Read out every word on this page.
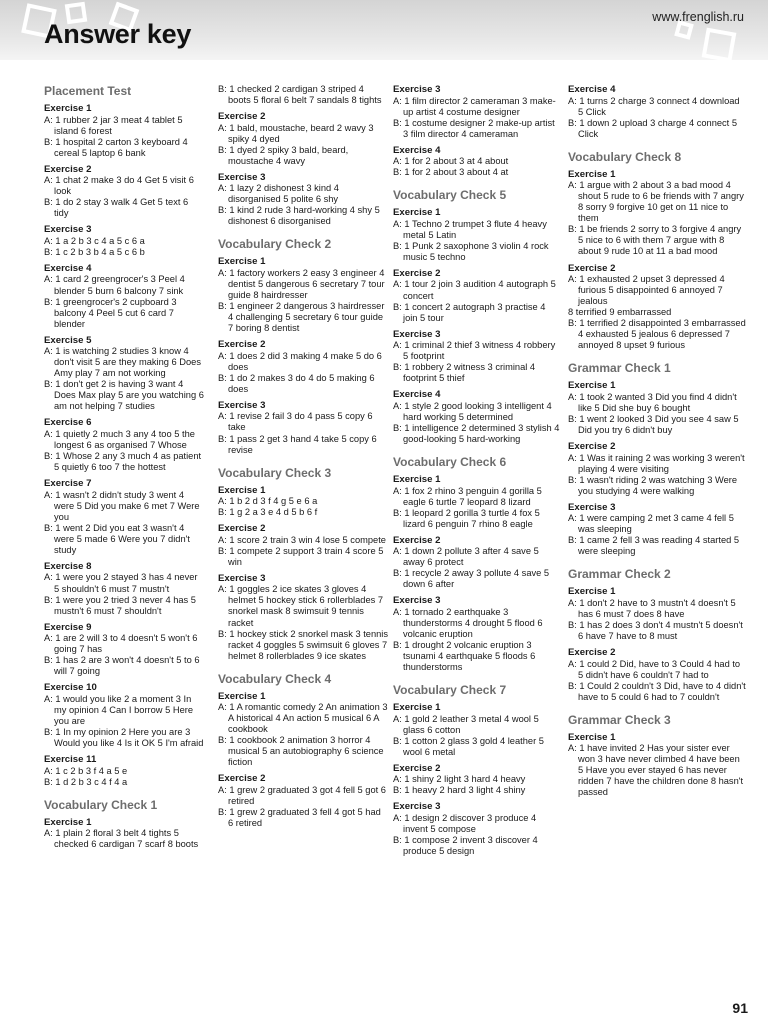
Answer key
www.frenglish.ru
Placement Test
Exercise 1
A: 1 rubber 2 jar 3 meat 4 tablet 5 island 6 forest
B: 1 hospital 2 carton 3 keyboard 4 cereal 5 laptop 6 bank
Exercise 2
A: 1 chat 2 make 3 do 4 Get 5 visit 6 look
B: 1 do 2 stay 3 walk 4 Get 5 text 6 tidy
Exercise 3
A: 1 a 2 b 3 c 4 a 5 c 6 a
B: 1 c 2 b 3 b 4 a 5 c 6 b
Exercise 4
A: 1 card 2 greengrocer's 3 Peel 4 blender 5 burn 6 balcony 7 sink
B: 1 greengrocer's 2 cupboard 3 balcony 4 Peel 5 cut 6 card 7 blender
Exercise 5
A: 1 is watching 2 studies 3 know 4 don't visit 5 are they making 6 Does Amy play 7 am not working
B: 1 don't get 2 is having 3 want 4 Does Max play 5 are you watching 6 am not helping 7 studies
Exercise 6
A: 1 quietly 2 much 3 any 4 too 5 the longest 6 as organised 7 Whose
B: 1 Whose 2 any 3 much 4 as patient 5 quietly 6 too 7 the hottest
Exercise 7
A: 1 wasn't 2 didn't study 3 went 4 were 5 Did you make 6 met 7 Were you
B: 1 went 2 Did you eat 3 wasn't 4 were 5 made 6 Were you 7 didn't study
Exercise 8
A: 1 were you 2 stayed 3 has 4 never 5 shouldn't 6 must 7 mustn't
B: 1 were you 2 tried 3 never 4 has 5 mustn't 6 must 7 shouldn't
Exercise 9
A: 1 are 2 will 3 to 4 doesn't 5 won't 6 going 7 has
B: 1 has 2 are 3 won't 4 doesn't 5 to 6 will 7 going
Exercise 10
A: 1 would you like 2 a moment 3 In my opinion 4 Can I borrow 5 Here you are
B: 1 In my opinion 2 Here you are 3 Would you like 4 Is it OK 5 I'm afraid
Exercise 11
A: 1 c 2 b 3 f 4 a 5 e
B: 1 d 2 b 3 c 4 f 4 a
Vocabulary Check 1
Exercise 1
A: 1 plain 2 floral 3 belt 4 tights 5 checked 6 cardigan 7 scarf 8 boots
B: 1 checked 2 cardigan 3 striped 4 boots 5 floral 6 belt 7 sandals 8 tights
Exercise 2
A: 1 bald, moustache, beard 2 wavy 3 spiky 4 dyed
B: 1 dyed 2 spiky 3 bald, beard, moustache 4 wavy
Exercise 3
A: 1 lazy 2 dishonest 3 kind 4 disorganised 5 polite 6 shy
B: 1 kind 2 rude 3 hard-working 4 shy 5 dishonest 6 disorganised
Vocabulary Check 2
Exercise 1
A: 1 factory workers 2 easy 3 engineer 4 dentist 5 dangerous 6 secretary 7 tour guide 8 hairdresser
B: 1 engineer 2 dangerous 3 hairdresser 4 challenging 5 secretary 6 tour guide 7 boring 8 dentist
Exercise 2
A: 1 does 2 did 3 making 4 make 5 do 6 does
B: 1 do 2 makes 3 do 4 do 5 making 6 does
Exercise 3
A: 1 revise 2 fail 3 do 4 pass 5 copy 6 take
B: 1 pass 2 get 3 hand 4 take 5 copy 6 revise
Vocabulary Check 3
Exercise 1
A: 1 b 2 d 3 f 4 g 5 e 6 a
B: 1 g 2 a 3 e 4 d 5 b 6 f
Exercise 2
A: 1 score 2 train 3 win 4 lose 5 compete
B: 1 compete 2 support 3 train 4 score 5 win
Exercise 3
A: 1 goggles 2 ice skates 3 gloves 4 helmet 5 hockey stick 6 rollerblades 7 snorkel mask 8 swimsuit 9 tennis racket
B: 1 hockey stick 2 snorkel mask 3 tennis racket 4 goggles 5 swimsuit 6 gloves 7 helmet 8 rollerblades 9 ice skates
Vocabulary Check 4
Exercise 1
A: 1 A romantic comedy 2 An animation 3 A historical 4 An action 5 musical 6 A cookbook
B: 1 cookbook 2 animation 3 horror 4 musical 5 an autobiography 6 science fiction
Exercise 2
A: 1 grew 2 graduated 3 got 4 fell 5 got 6 retired
B: 1 grew 2 graduated 3 fell 4 got 5 had 6 retired
Exercise 3
A: 1 film director 2 cameraman 3 make-up artist 4 costume designer
B: 1 costume designer 2 make-up artist 3 film director 4 cameraman
Exercise 4
A: 1 for 2 about 3 at 4 about
B: 1 for 2 about 3 about 4 at
Vocabulary Check 5
Exercise 1
A: 1 Techno 2 trumpet 3 flute 4 heavy metal 5 Latin
B: 1 Punk 2 saxophone 3 violin 4 rock music 5 techno
Exercise 2
A: 1 tour 2 join 3 audition 4 autograph 5 concert
B: 1 concert 2 autograph 3 practise 4 join 5 tour
Exercise 3
A: 1 criminal 2 thief 3 witness 4 robbery 5 footprint
B: 1 robbery 2 witness 3 criminal 4 footprint 5 thief
Exercise 4
A: 1 style 2 good looking 3 intelligent 4 hard working 5 determined
B: 1 intelligence 2 determined 3 stylish 4 good-looking 5 hard-working
Vocabulary Check 6
Exercise 1
A: 1 fox 2 rhino 3 penguin 4 gorilla 5 eagle 6 turtle 7 leopard 8 lizard
B: 1 leopard 2 gorilla 3 turtle 4 fox 5 lizard 6 penguin 7 rhino 8 eagle
Exercise 2
A: 1 down 2 pollute 3 after 4 save 5 away 6 protect
B: 1 recycle 2 away 3 pollute 4 save 5 down 6 after
Exercise 3
A: 1 tornado 2 earthquake 3 thunderstorms 4 drought 5 flood 6 volcanic eruption
B: 1 drought 2 volcanic eruption 3 tsunami 4 earthquake 5 floods 6 thunderstorms
Vocabulary Check 7
Exercise 1
A: 1 gold 2 leather 3 metal 4 wool 5 glass 6 cotton
B: 1 cotton 2 glass 3 gold 4 leather 5 wool 6 metal
Exercise 2
A: 1 shiny 2 light 3 hard 4 heavy
B: 1 heavy 2 hard 3 light 4 shiny
Exercise 3
A: 1 design 2 discover 3 produce 4 invent 5 compose
B: 1 compose 2 invent 3 discover 4 produce 5 design
Exercise 4
A: 1 turns 2 charge 3 connect 4 download 5 Click
B: 1 down 2 upload 3 charge 4 connect 5 Click
Vocabulary Check 8
Exercise 1
A: 1 argue with 2 about 3 a bad mood 4 shout 5 rude to 6 be friends with 7 angry 8 sorry 9 forgive 10 get on 11 nice to them
B: 1 be friends 2 sorry to 3 forgive 4 angry 5 nice to 6 with them 7 argue with 8 about 9 rude 10 at 11 a bad mood
Exercise 2
A: 1 exhausted 2 upset 3 depressed 4 furious 5 disappointed 6 annoyed 7 jealous
8 terrified 9 embarrassed
B: 1 terrified 2 disappointed 3 embarrassed 4 exhausted 5 jealous 6 depressed 7 annoyed 8 upset 9 furious
Grammar Check 1
Exercise 1
A: 1 took 2 wanted 3 Did you find 4 didn't like 5 Did she buy 6 bought
B: 1 went 2 looked 3 Did you see 4 saw 5 Did you try 6 didn't buy
Exercise 2
A: 1 Was it raining 2 was working 3 weren't playing 4 were visiting
B: 1 wasn't riding 2 was watching 3 Were you studying 4 were walking
Exercise 3
A: 1 were camping 2 met 3 came 4 fell 5 was sleeping
B: 1 came 2 fell 3 was reading 4 started 5 were sleeping
Grammar Check 2
Exercise 1
A: 1 don't 2 have to 3 mustn't 4 doesn't 5 has 6 must 7 does 8 have
B: 1 has 2 does 3 don't 4 mustn't 5 doesn't 6 have 7 have to 8 must
Exercise 2
A: 1 could 2 Did, have to 3 Could 4 had to 5 didn't have 6 couldn't 7 had to
B: 1 Could 2 couldn't 3 Did, have to 4 didn't have to 5 could 6 had to 7 couldn't
Grammar Check 3
Exercise 1
A: 1 have invited 2 Has your sister ever won 3 have never climbed 4 have been 5 Have you ever stayed 6 has never ridden 7 have the children done 8 hasn't passed
91
